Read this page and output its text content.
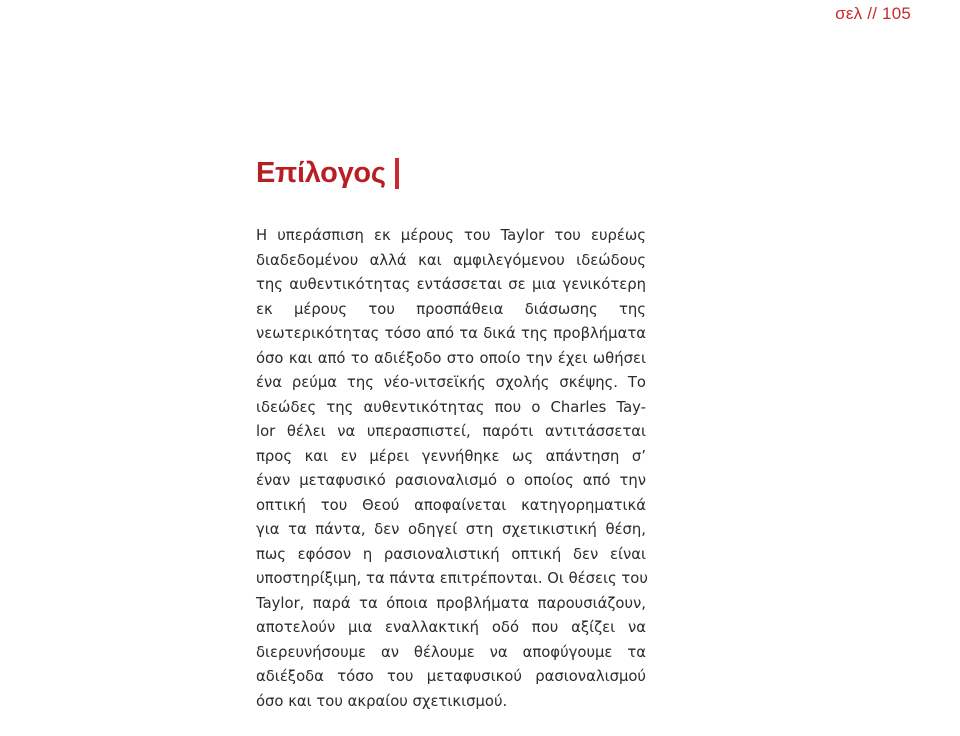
σελ // 105
Επίλογος
Η υπεράσπιση εκ μέρους του Taylor του ευρέως
διαδεδομένου αλλά και αμφιλεγόμενου ιδεώδους
της αυθεντικότητας εντάσσεται σε μια γενικότερη
εκ μέρους του προσπάθεια διάσωσης της
νεωτερικότητας τόσο από τα δικά της προβλήματα
όσο και από το αδιέξοδο στο οποίο την έχει ωθήσει
ένα ρεύμα της νέο-νιτσεϊκής σχολής σκέψης. Το
ιδεώδες της αυθεντικότητας που ο Charles Tay-
lor θέλει να υπερασπιστεί, παρότι αντιτάσσεται
προς και εν μέρει γεννήθηκε ως απάντηση σ’
έναν μεταφυσικό ρασιοναλισμό ο οποίος από την
οπτική του Θεού αποφαίνεται κατηγορηματικά
για τα πάντα, δεν οδηγεί στη σχετικιστική θέση,
πως εφόσον η ρασιοναλιστική οπτική δεν είναι
υποστηρίξιμη, τα πάντα επιτρέπονται. Οι θέσεις του
Taylor, παρά τα όποια προβλήματα παρουσιάζουν,
αποτελούν μια εναλλακτική οδό που αξίζει να
διερευνήσουμε αν θέλουμε να αποφύγουμε τα
αδιέξοδα τόσο του μεταφυσικού ρασιοναλισμού
όσο και του ακραίου σχετικισμού.
